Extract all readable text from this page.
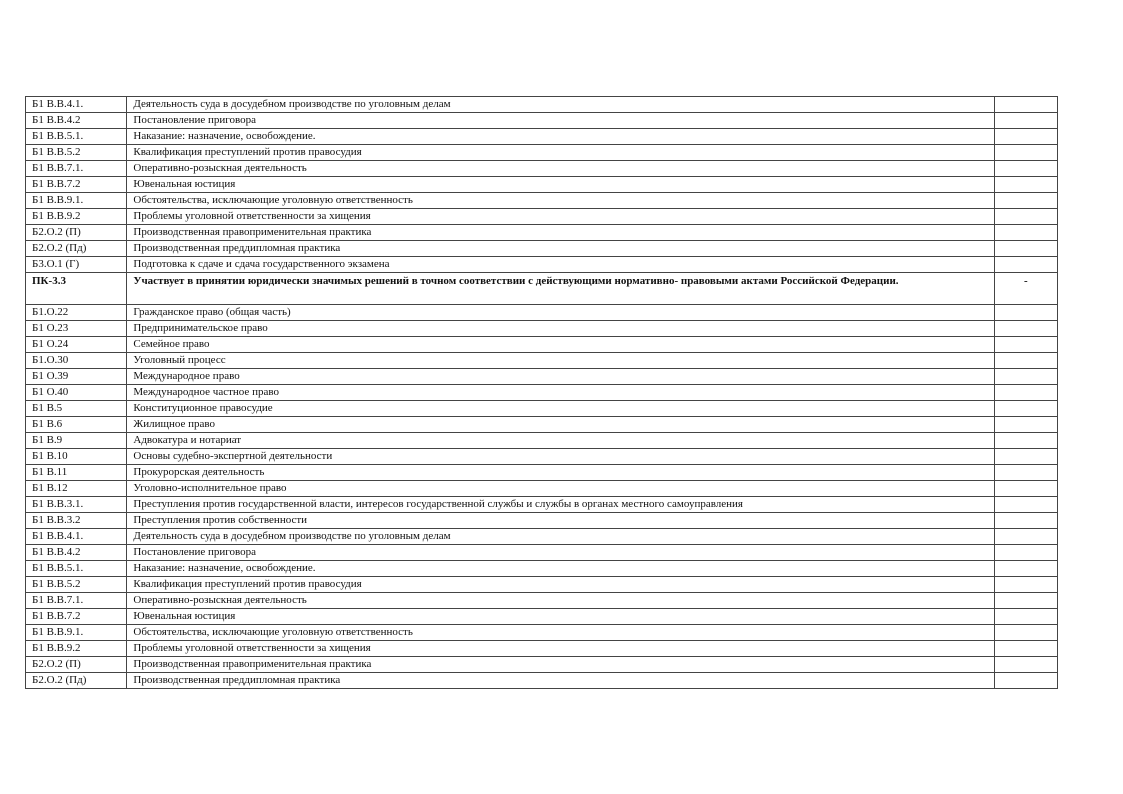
Б1 В.В.4.1.	Деятельность суда в досудебном производстве по уголовным делам	
Б1 В.В.4.2	Постановление приговора	
Б1 В.В.5.1.	Наказание: назначение, освобождение.	
Б1 В.В.5.2	Квалификация преступлений против правосудия	
Б1 В.В.7.1.	Оперативно-розыскная деятельность	
Б1 В.В.7.2	Ювенальная юстиция	
Б1 В.В.9.1.	Обстоятельства, исключающие уголовную ответственность	
Б1 В.В.9.2	Проблемы уголовной ответственности за хищения	
Б2.О.2 (П)	Производственная правоприменительная практика	
Б2.О.2 (Пд)	Производственная преддипломная практика	
Б3.О.1 (Г)	Подготовка к сдаче и сдача государственного экзамена	
ПК-3.3	Участвует в принятии юридически значимых решений в точном соответствии с действующими нормативно- правовыми актами Российской Федерации.	-
Б1.О.22	Гражданское право (общая часть)	
Б1 О.23	Предпринимательское право	
Б1 О.24	Семейное право	
Б1.О.30	Уголовный процесс	
Б1 О.39	Международное право	
Б1 О.40	Международное частное право	
Б1 В.5	Конституционное правосудие	
Б1 В.6	Жилищное право	
Б1 В.9	Адвокатура и нотариат	
Б1 В.10	Основы судебно-экспертной деятельности	
Б1 В.11	Прокурорская деятельность	
Б1 В.12	Уголовно-исполнительное право	
Б1 В.В.3.1.	Преступления против государственной власти, интересов государственной службы и службы в органах местного самоуправления	
Б1 В.В.3.2	Преступления против собственности	
Б1 В.В.4.1.	Деятельность суда в досудебном производстве по уголовным делам	
Б1 В.В.4.2	Постановление приговора	
Б1 В.В.5.1.	Наказание: назначение, освобождение.	
Б1 В.В.5.2	Квалификация преступлений против правосудия	
Б1 В.В.7.1.	Оперативно-розыскная деятельность	
Б1 В.В.7.2	Ювенальная юстиция	
Б1 В.В.9.1.	Обстоятельства, исключающие уголовную ответственность	
Б1 В.В.9.2	Проблемы уголовной ответственности за хищения	
Б2.О.2 (П)	Производственная правоприменительная практика	
Б2.О.2 (Пд)	Производственная преддипломная практика	
